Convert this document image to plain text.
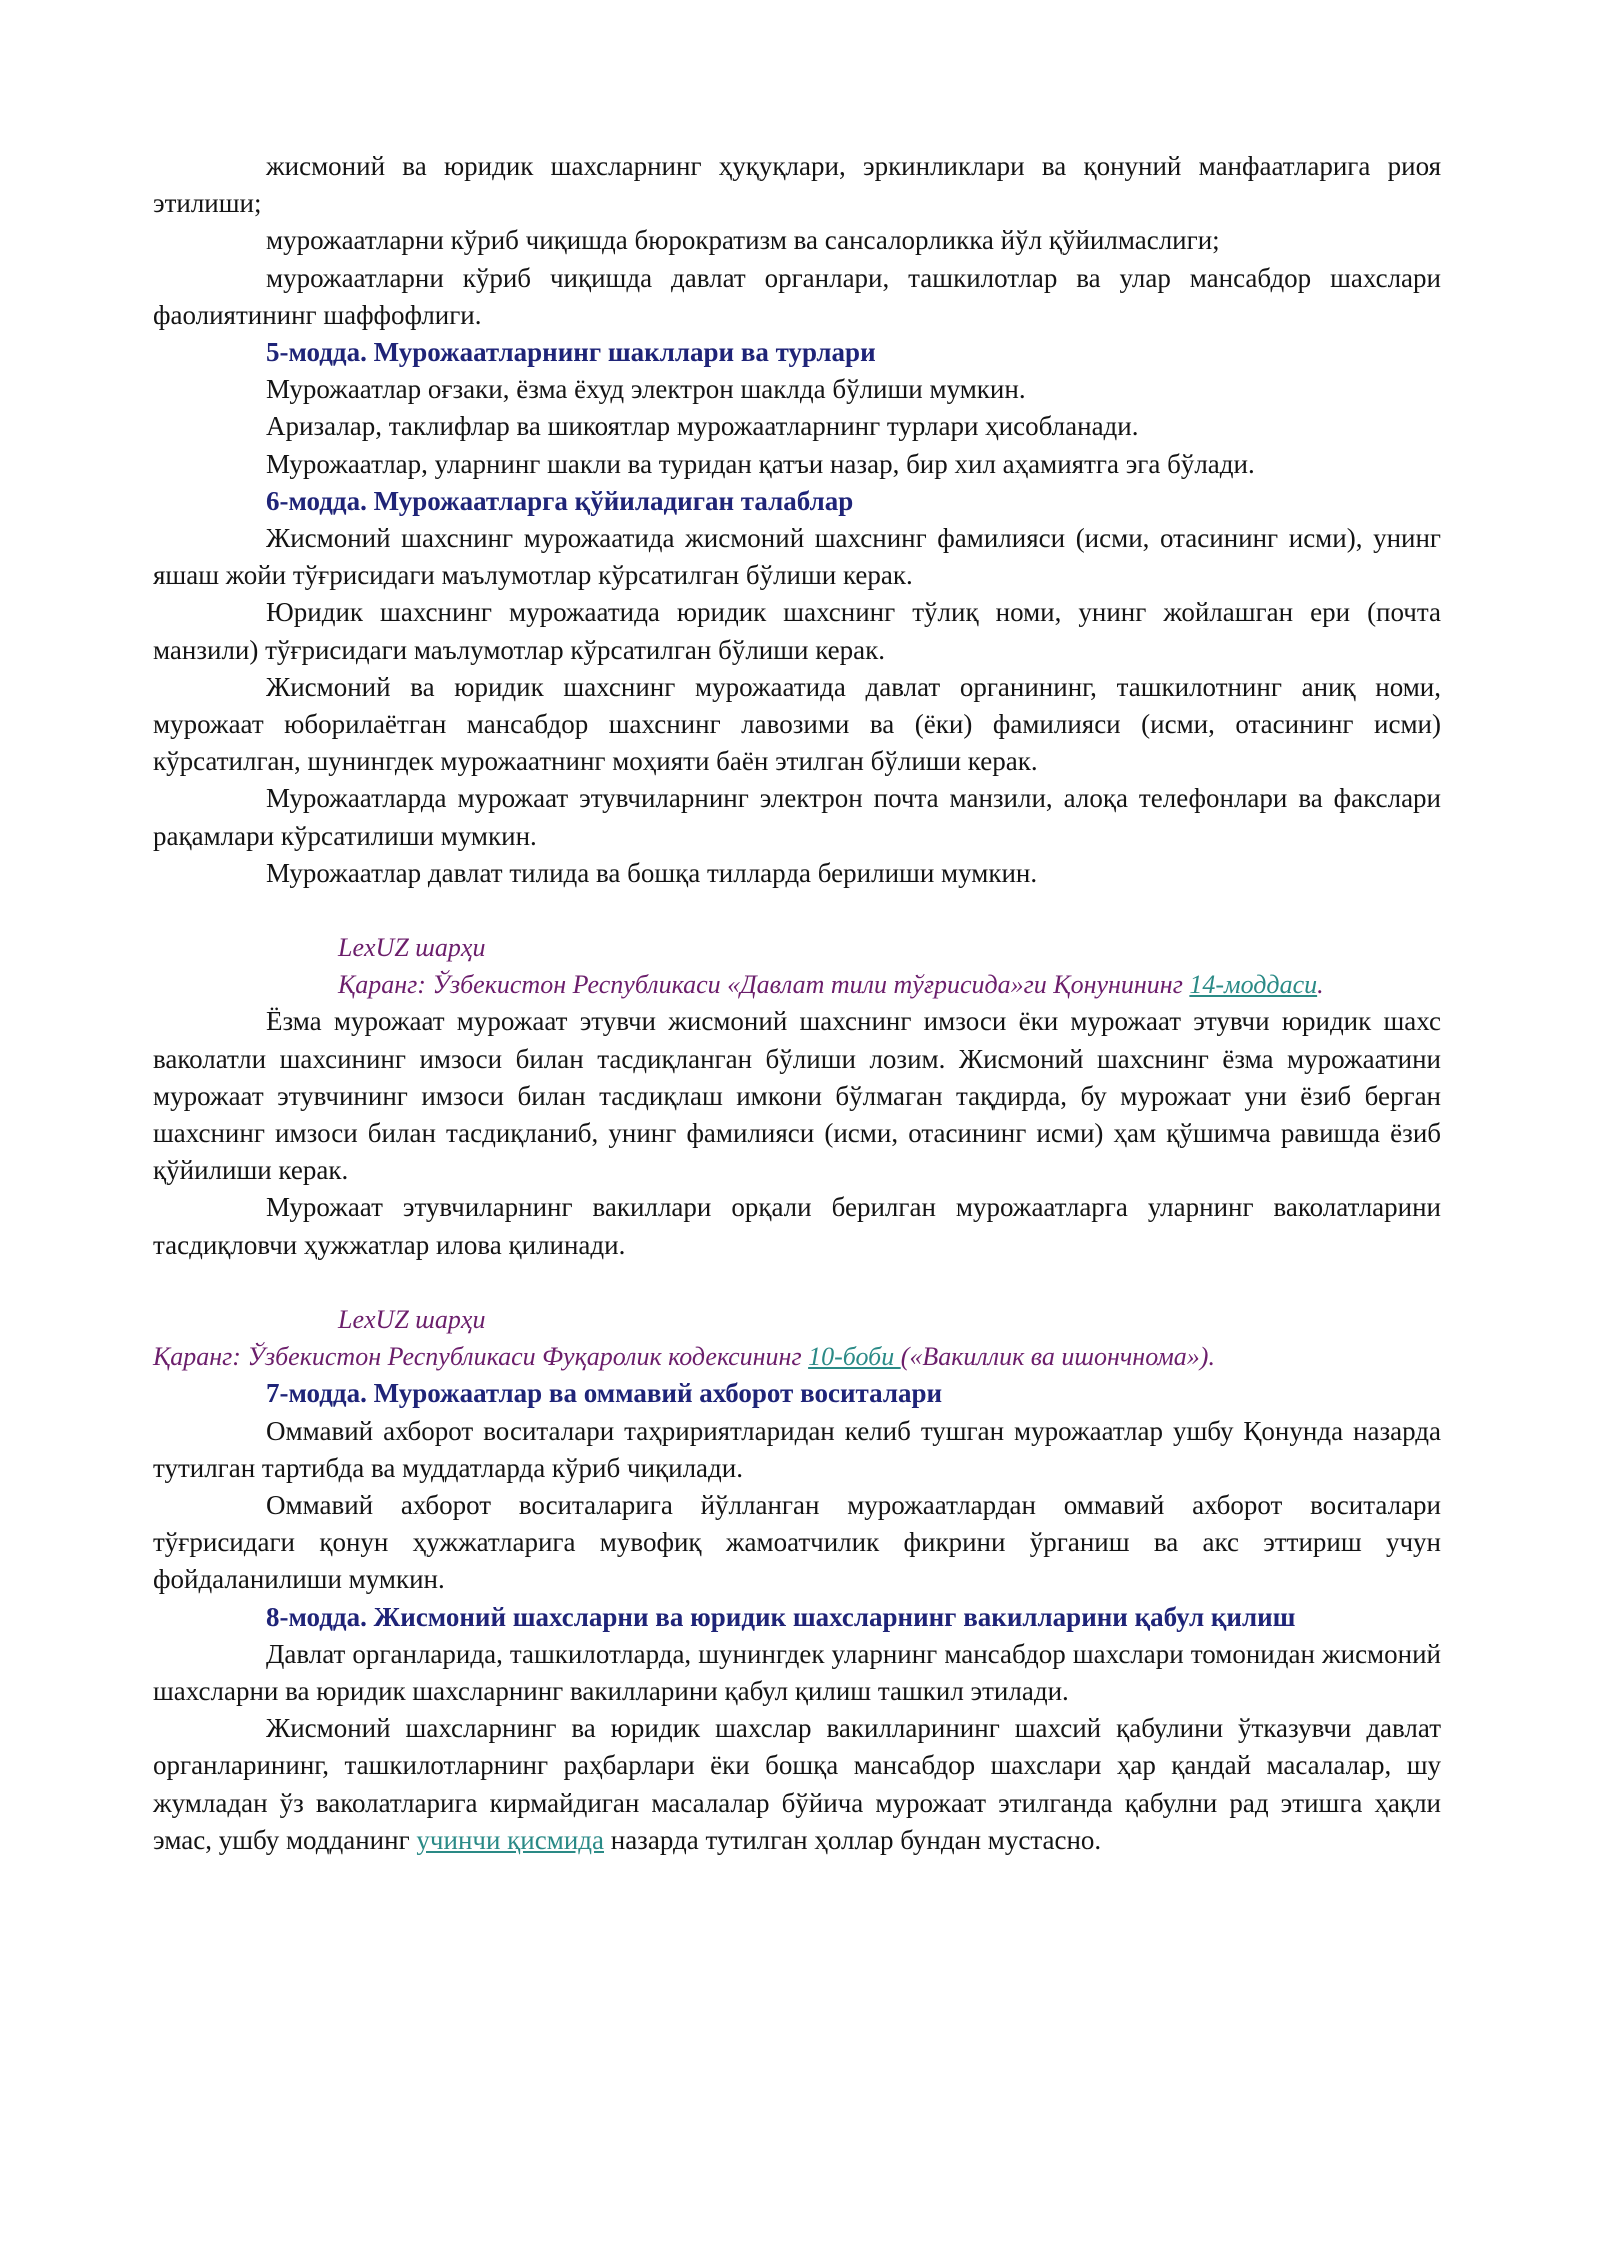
жисмоний ва юридик шахсларнинг ҳуқуқлари, эркинликлари ва қонуний манфаатларига риоя этилиши;

мурожаатларни кўриб чиқишда бюрократизм ва сансалорликка йўл қўйилмаслиги;

мурожаатларни кўриб чиқишда давлат органлари, ташкилотлар ва улар мансабдор шахслари фаолиятининг шаффофлиги.

5-модда. Мурожаатларнинг шакллари ва турлари

Мурожаатлар оғзаки, ёзма ёхуд электрон шаклда бўлиши мумкин.

Аризалар, таклифлар ва шикоятлар мурожаатларнинг турлари ҳисобланади.

Мурожаатлар, уларнинг шакли ва туридан қатъи назар, бир хил аҳамиятга эга бўлади.

6-модда. Мурожаатларга қўйиладиган талаблар

Жисмоний шахснинг мурожаатида жисмоний шахснинг фамилияси (исми, отасининг исми), унинг яшаш жойи тўғрисидаги маълумотлар кўрсатилган бўлиши керак.

Юридик шахснинг мурожаатида юридик шахснинг тўлиқ номи, унинг жойлашган ери (почта манзили) тўғрисидаги маълумотлар кўрсатилган бўлиши керак.

Жисмоний ва юридик шахснинг мурожаатида давлат органининг, ташкилотнинг аниқ номи, мурожаат юборилаётган мансабдор шахснинг лавозими ва (ёки) фамилияси (исми, отасининг исми) кўрсатилган, шунингдек мурожаатнинг моҳияти баён этилган бўлиши керак.

Мурожаатларда мурожаат этувчиларнинг электрон почта манзили, алоқа телефонлари ва факслари рақамлари кўрсатилиши мумкин.

Мурожаатлар давлат тилида ва бошқа тилларда берилиши мумкин.

LexUZ шарҳи

Қаранг: Ўзбекистон Республикаси «Давлат тили тўғрисида»ги Қонунининг 14-моддаси.

Ёзма мурожаат мурожаат этувчи жисмоний шахснинг имзоси ёки мурожаат этувчи юридик шахс ваколатли шахсининг имзоси билан тасдиқланган бўлиши лозим. Жисмоний шахснинг ёзма мурожаатини мурожаат этувчининг имзоси билан тасдиқлаш имкони бўлмаган тақдирда, бу мурожаат уни ёзиб берган шахснинг имзоси билан тасдиқланиб, унинг фамилияси (исми, отасининг исми) ҳам қўшимча равишда ёзиб қўйилиши керак.

Мурожаат этувчиларнинг вакиллари орқали берилган мурожаатларга уларнинг ваколатларини тасдиқловчи ҳужжатлар илова қилинади.

LexUZ шарҳи

Қаранг: Ўзбекистон Республикаси Фуқаролик кодексининг 10-боби («Вакиллик ва ишончнома»).

7-модда. Мурожаатлар ва оммавий ахборот воситалари

Оммавий ахборот воситалари таҳририятларидан келиб тушган мурожаатлар ушбу Қонунда назарда тутилган тартибда ва муддатларда кўриб чиқилади.

Оммавий ахборот воситаларига йўлланган мурожаатлардан оммавий ахборот воситалари тўғрисидаги қонун ҳужжатларига мувофиқ жамоатчилик фикрини ўрганиш ва акс эттириш учун фойдаланилиши мумкин.

8-модда. Жисмоний шахсларни ва юридик шахсларнинг вакилларини қабул қилиш

Давлат органларида, ташкилотларда, шунингдек уларнинг мансабдор шахслари томонидан жисмоний шахсларни ва юридик шахсларнинг вакилларини қабул қилиш ташкил этилади.

Жисмоний шахсларнинг ва юридик шахслар вакилларининг шахсий қабулини ўтказувчи давлат органларининг, ташкилотларнинг раҳбарлари ёки бошқа мансабдор шахслари ҳар қандай масалалар, шу жумладан ўз ваколатларига кирмайдиган масалалар бўйича мурожаат этилганда қабулни рад этишга ҳақли эмас, ушбу модданинг учинчи қисмида назарда тутилган ҳоллар бундан мустасно.
